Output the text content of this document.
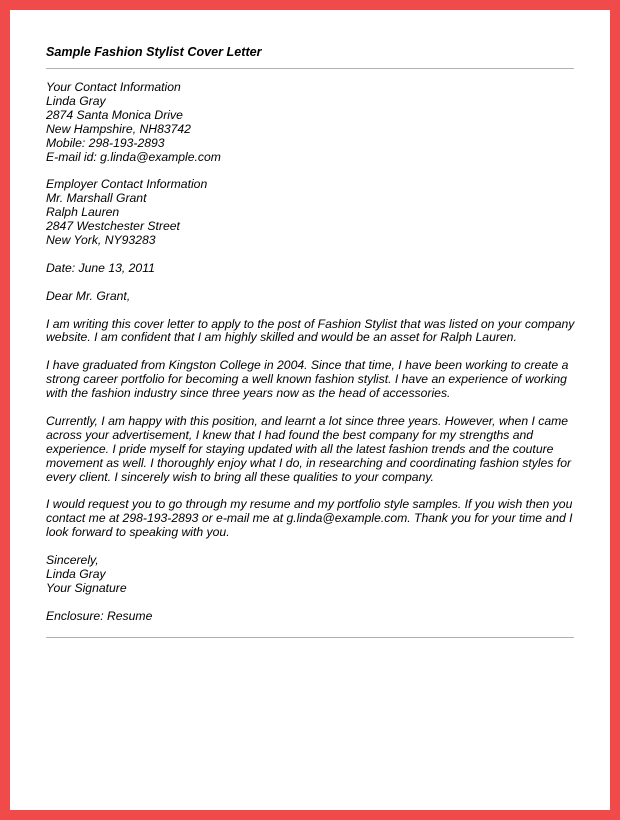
Sample Fashion Stylist Cover Letter
Your Contact Information
Linda Gray
2874 Santa Monica Drive
New Hampshire, NH83742
Mobile: 298-193-2893
E-mail id: g.linda@example.com
Employer Contact Information
Mr. Marshall Grant
Ralph Lauren
2847 Westchester Street
New York, NY93283

Date: June 13, 2011

Dear Mr. Grant,

I am writing this cover letter to apply to the post of Fashion Stylist that was listed on your company
website. I am confident that I am highly skilled and would be an asset for Ralph Lauren.

I have graduated from Kingston College in 2004. Since that time, I have been working to create a
strong career portfolio for becoming a well known fashion stylist. I have an experience of working
with the fashion industry since three years now as the head of accessories.

Currently, I am happy with this position, and learnt a lot since three years. However, when I came
across your advertisement, I knew that I had found the best company for my strengths and
experience. I pride myself for staying updated with all the latest fashion trends and the couture
movement as well. I thoroughly enjoy what I do, in researching and coordinating fashion styles for
every client. I sincerely wish to bring all these qualities to your company.

I would request you to go through my resume and my portfolio style samples. If you wish then you
contact me at 298-193-2893 or e-mail me at g.linda@example.com. Thank you for your time and I
look forward to speaking with you.

Sincerely,
Linda Gray
Your Signature

Enclosure: Resume
